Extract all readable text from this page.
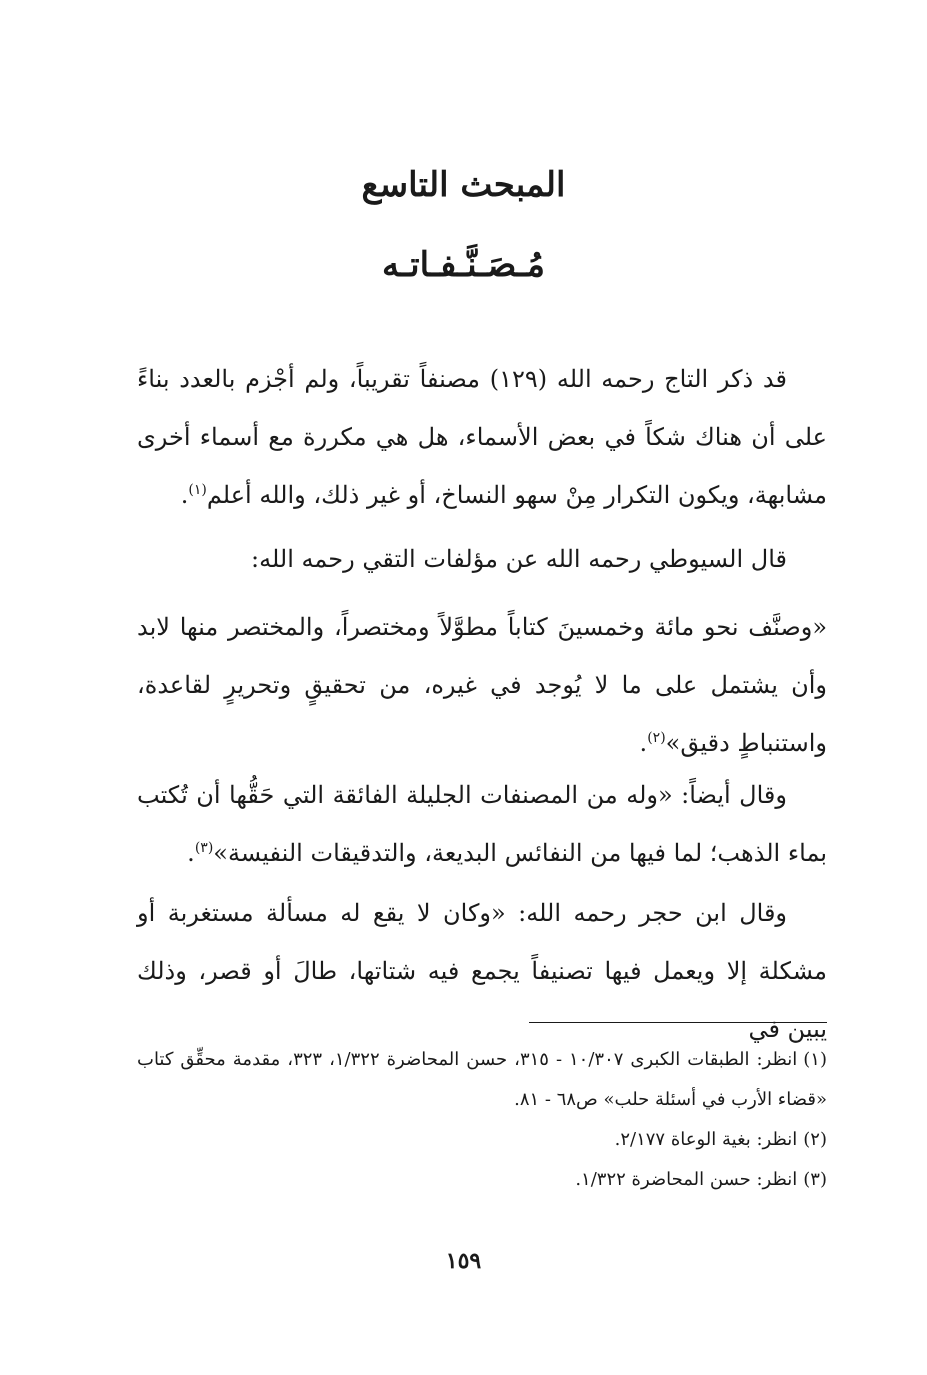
المبحث التاسع
مُـصَـنَّـفـاتـه

قد ذكر التاج رحمه الله (١٢٩) مصنفاً تقريباً، ولم أجْزم بالعدد بناءً على أن هناك شكاً في بعض الأسماء، هل هي مكررة مع أسماء أخرى مشابهة، ويكون التكرار مِنْ سهو النساخ، أو غير ذلك، والله أعلم$^{(١)}$.

قال السيوطي رحمه الله عن مؤلفات التقي رحمه الله:

«وصنَّف نحو مائة وخمسينَ كتاباً مطوَّلاً ومختصراً، والمختصر منها لابد وأن يشتمل على ما لا يُوجد في غيره، من تحقيقٍ وتحريرٍ لقاعدة، واستنباطٍ دقيق»$^{(٢)}$.

وقال أيضاً: «وله من المصنفات الجليلة الفائقة التي حَقُّها أن تُكتب بماء الذهب؛ لما فيها من النفائس البديعة، والتدقيقات النفيسة»$^{(٣)}$.

وقال ابن حجر رحمه الله: «وكان لا يقع له مسألة مستغربة أو مشكلة إلا ويعمل فيها تصنيفاً يجمع فيه شتاتها، طالَ أو قصر، وذلك يبين في

(١)انظر: الطبقات الكبرى ١٠/٣٠٧ - ٣١٥، حسن المحاضرة ١/٣٢٢، ٣٢٣، مقدمة محقِّق كتاب «قضاء الأرب في أسئلة حلب» ص٦٨ - ٨١.
(٢)انظر: بغية الوعاة ٢/١٧٧.
(٣)انظر: حسن المحاضرة ١/٣٢٢.
١٥٩
